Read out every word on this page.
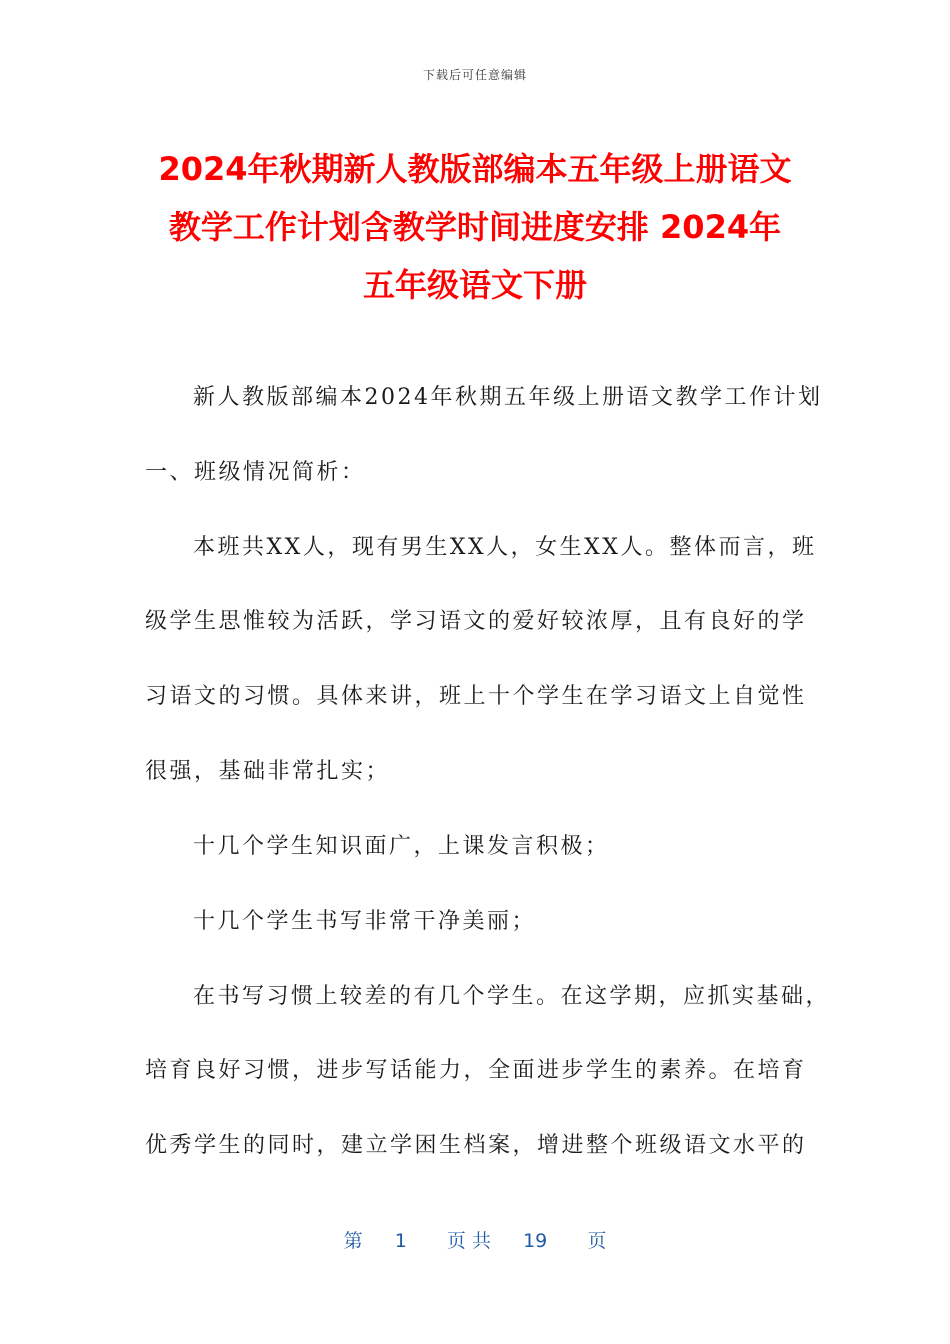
下载后可任意编辑
2024年秋期新人教版部编本五年级上册语文
教学工作计划含教学时间进度安排 2024年
五年级语文下册
新人教版部编本2024年秋期五年级上册语文教学工作计划
一、班级情况简析：
本班共XX人，现有男生XX人，女生XX人。整体而言，班
级学生思惟较为活跃，学习语文的爱好较浓厚，且有良好的学
习语文的习惯。具体来讲，班上十个学生在学习语文上自觉性
很强，基础非常扎实；
十几个学生知识面广，上课发言积极；
十几个学生书写非常干净美丽；
在书写习惯上较差的有几个学生。在这学期，应抓实基础，
培育良好习惯，进步写话能力，全面进步学生的素养。在培育
优秀学生的同时，建立学困生档案，增进整个班级语文水平的
第 1 页 共 19 页
